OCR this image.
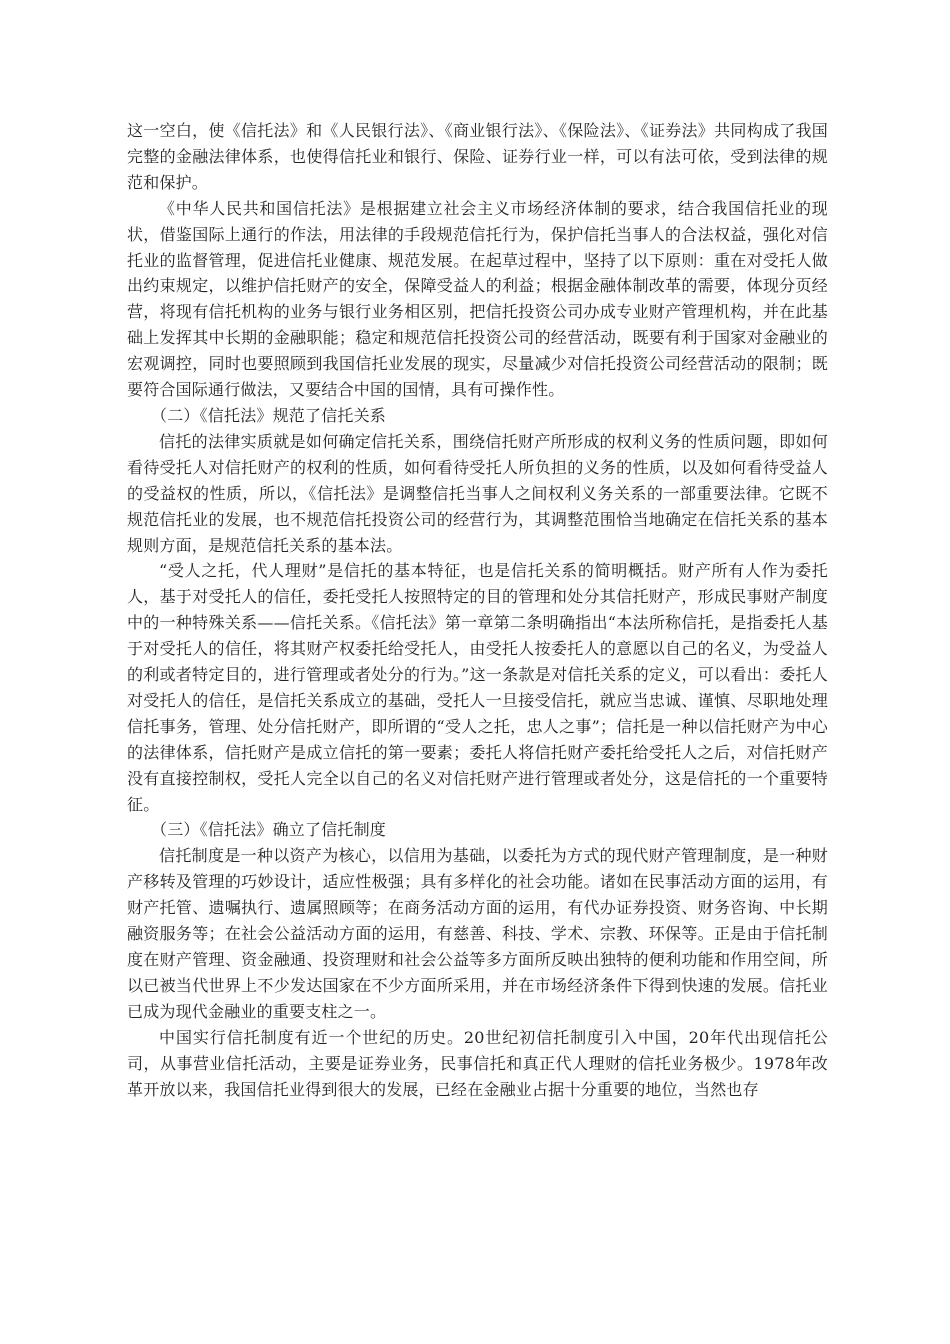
这一空白，使《信托法》和《人民银行法》、《商业银行法》、《保险法》、《证券法》共同构成了我国完整的金融法律体系，也使得信托业和银行、保险、证券行业一样，可以有法可依，受到法律的规范和保护。

《中华人民共和国信托法》是根据建立社会主义市场经济体制的要求，结合我国信托业的现状，借鉴国际上通行的作法，用法律的手段规范信托行为，保护信托当事人的合法权益，强化对信托业的监督管理，促进信托业健康、规范发展。在起草过程中，坚持了以下原则：重在对受托人做出约束规定，以维护信托财产的安全，保障受益人的利益；根据金融体制改革的需要，体现分页经营，将现有信托机构的业务与银行业务相区别，把信托投资公司办成专业财产管理机构，并在此基础上发挥其中长期的金融职能；稳定和规范信托投资公司的经营活动，既要有利于国家对金融业的宏观调控，同时也要照顾到我国信托业发展的现实，尽量减少对信托投资公司经营活动的限制；既要符合国际通行做法，又要结合中国的国情，具有可操作性。

（二）《信托法》规范了信托关系

信托的法律实质就是如何确定信托关系，围绕信托财产所形成的权利义务的性质问题，即如何看待受托人对信托财产的权利的性质，如何看待受托人所负担的义务的性质，以及如何看待受益人的受益权的性质，所以，《信托法》是调整信托当事人之间权利义务关系的一部重要法律。它既不规范信托业的发展，也不规范信托投资公司的经营行为，其调整范围恰当地确定在信托关系的基本规则方面，是规范信托关系的基本法。

“受人之托，代人理财”是信托的基本特征，也是信托关系的简明概括。财产所有人作为委托人，基于对受托人的信任，委托受托人按照特定的目的管理和处分其信托财产，形成民事财产制度中的一种特殊关系——信托关系。《信托法》第一章第二条明确指出“本法所称信托，是指委托人基于对受托人的信任，将其财产权委托给受托人，由受托人按委托人的意愿以自己的名义，为受益人的利或者特定目的，进行管理或者处分的行为。”这一条款是对信托关系的定义，可以看出：委托人对受托人的信任，是信托关系成立的基础，受托人一旦接受信托，就应当忠诚、谨慎、尽职地处理信托事务，管理、处分信托财产，即所谓的“受人之托，忠人之事”；信托是一种以信托财产为中心的法律体系，信托财产是成立信托的第一要素；委托人将信托财产委托给受托人之后，对信托财产没有直接控制权，受托人完全以自己的名义对信托财产进行管理或者处分，这是信托的一个重要特征。

（三）《信托法》确立了信托制度

信托制度是一种以资产为核心，以信用为基础，以委托为方式的现代财产管理制度，是一种财产移转及管理的巧妙设计，适应性极强；具有多样化的社会功能。诸如在民事活动方面的运用，有财产托管、遗嘱执行、遗属照顾等；在商务活动方面的运用，有代办证券投资、财务咨询、中长期融资服务等；在社会公益活动方面的运用，有慈善、科技、学术、宗教、环保等。正是由于信托制度在财产管理、资金融通、投资理财和社会公益等多方面所反映出独特的便利功能和作用空间，所以已被当代世界上不少发达国家在不少方面所采用，并在市场经济条件下得到快速的发展。信托业已成为现代金融业的重要支柱之一。

中国实行信托制度有近一个世纪的历史。20世纪初信托制度引入中国，20年代出现信托公司，从事营业信托活动，主要是证券业务，民事信托和真正代人理财的信托业务极少。1978年改革开放以来，我国信托业得到很大的发展，已经在金融业占据十分重要的地位，当然也存
